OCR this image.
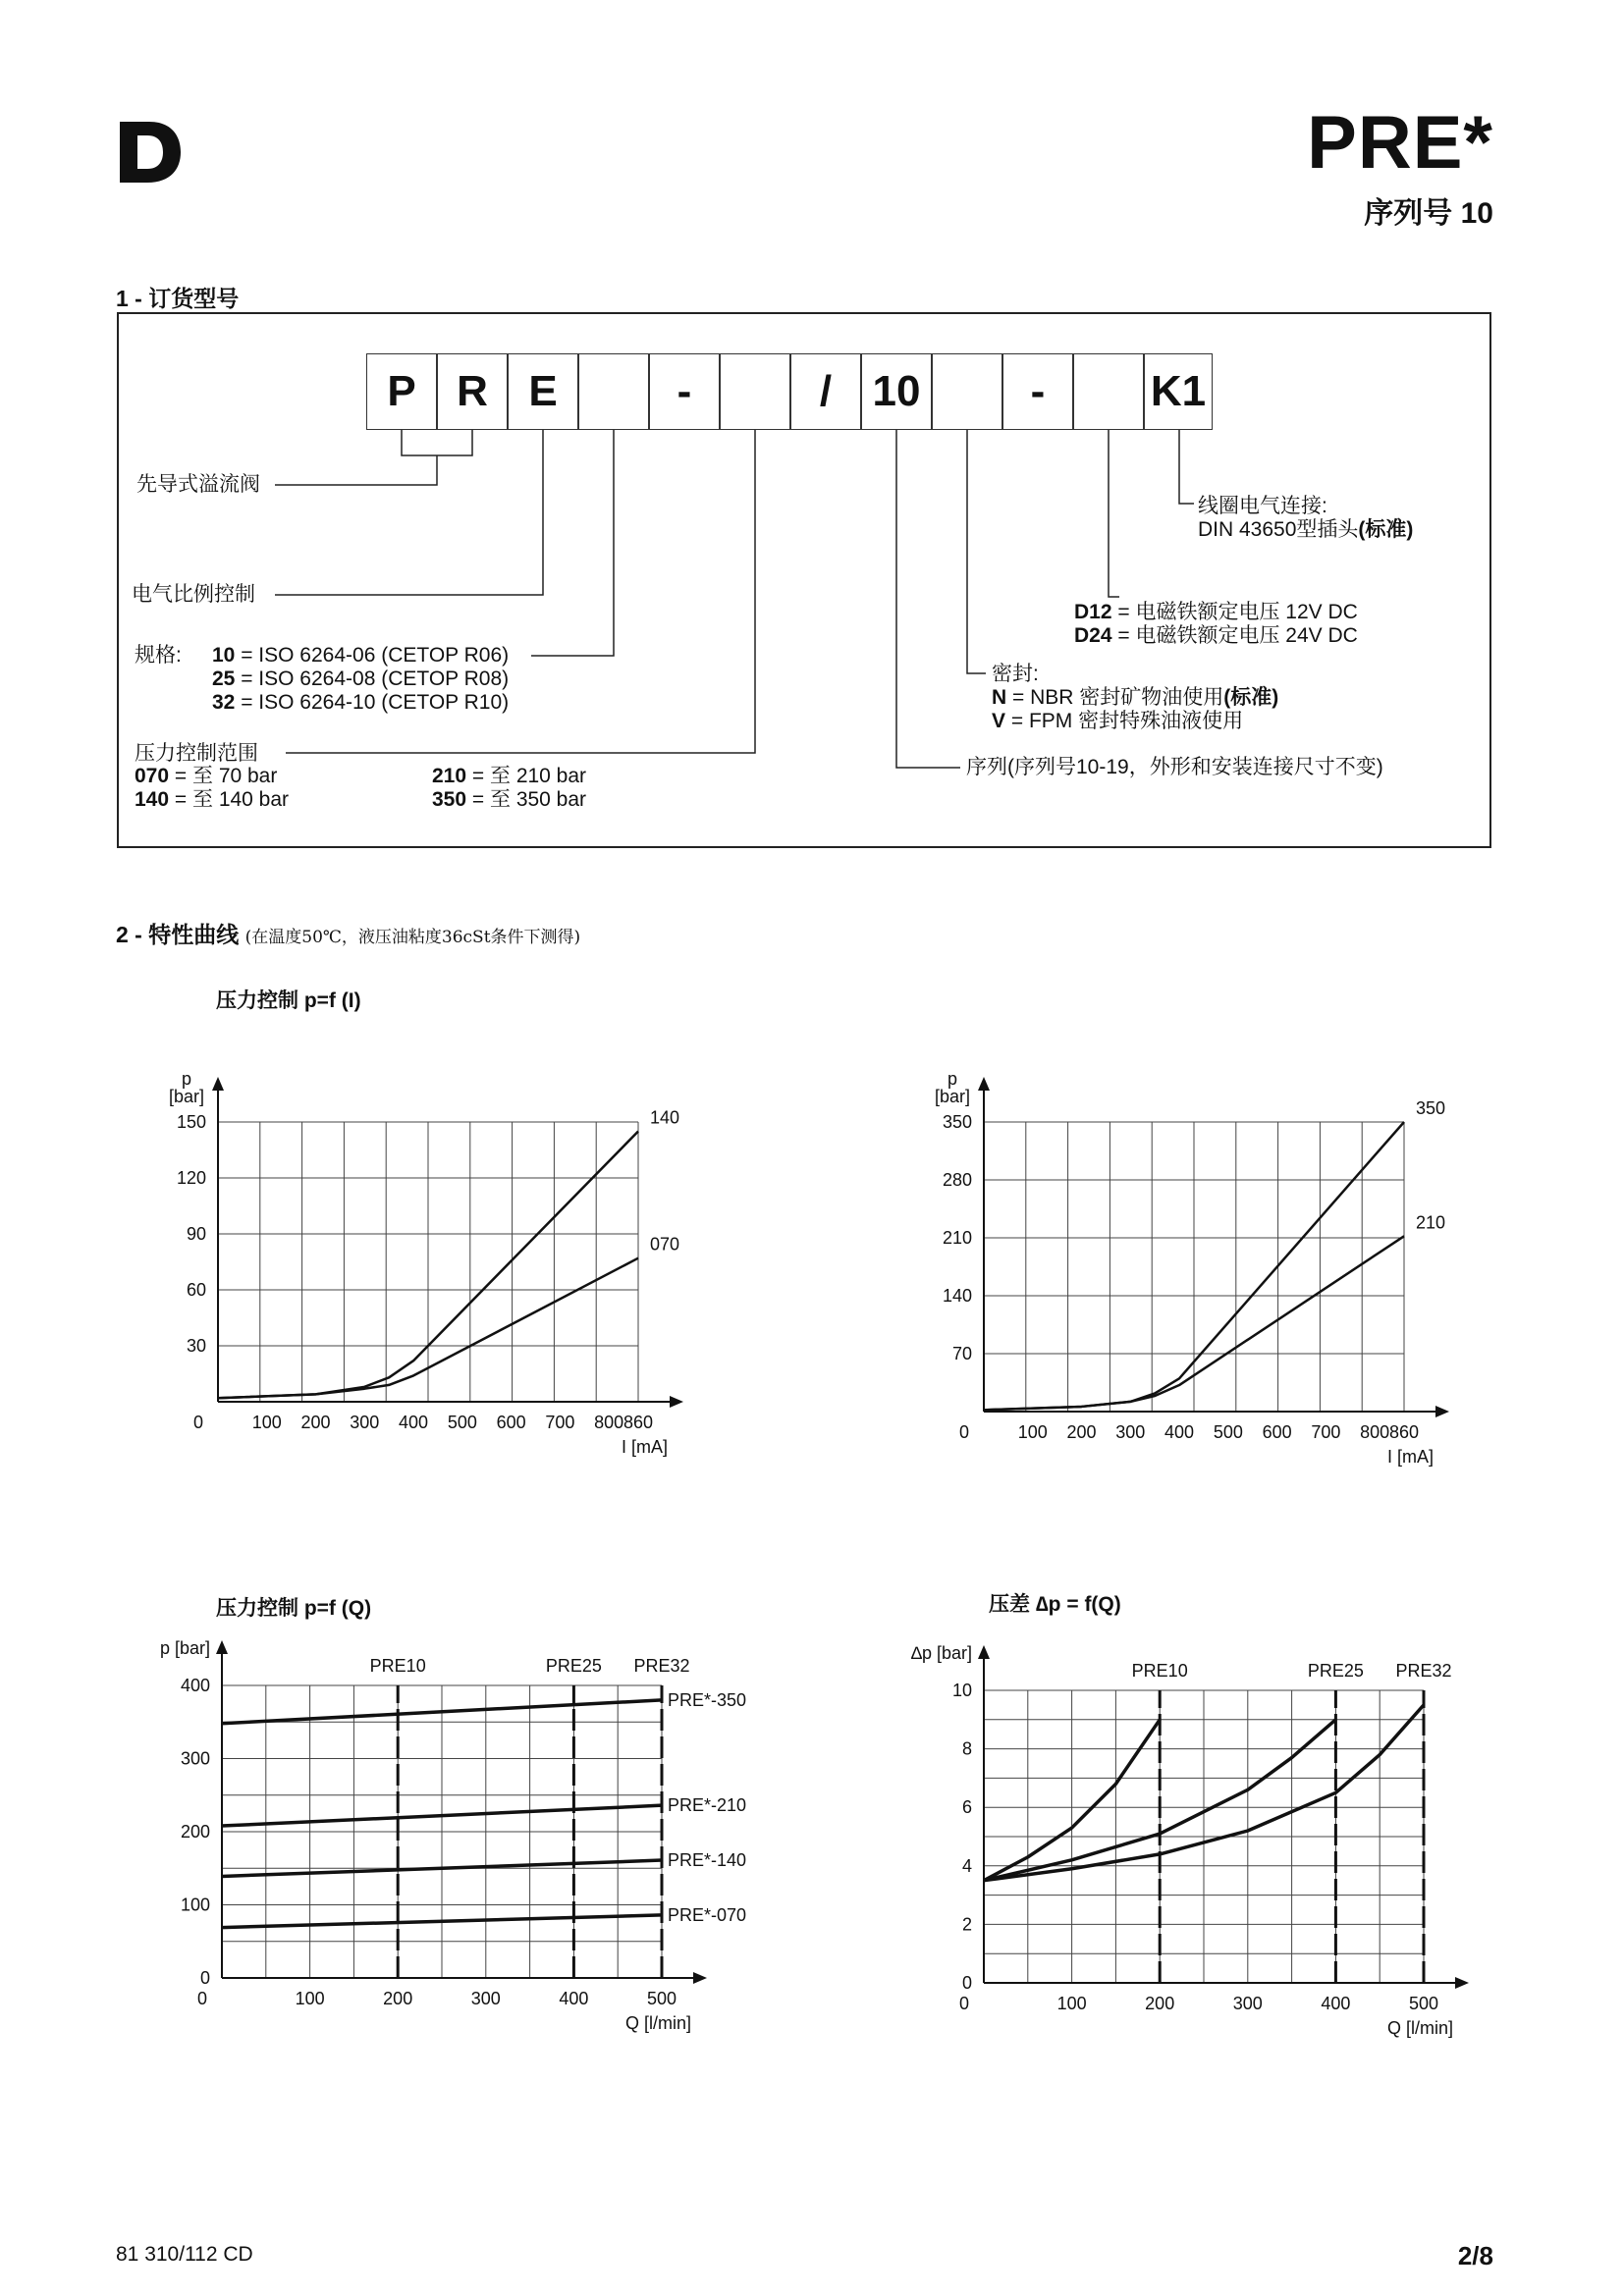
PRE*
序列号 10
1 - 订货型号
P R E	-	/ 10	-	K1
先导式溢流阀
电气比例控制
规格: 10 = ISO 6264-06 (CETOP R06)
25 = ISO 6264-08 (CETOP R08)
32 = ISO 6264-10 (CETOP R10)
压力控制范围
070 = 至 70 bar
140 = 至 140 bar
210 = 至 210 bar
350 = 至 350 bar
线圈电气连接:
DIN 43650型插头(标准)
D12 = 电磁铁额定电压 12V DC
D24 = 电磁铁额定电压 24V DC
密封:
N = NBR 密封矿物油使用(标准)
V = FPM 密封特殊油液使用
序列(序列号10-19，外形和安装连接尺寸不变)
2 - 特性曲线 (在温度50℃，液压油粘度36cSt条件下测得)
压力控制 p=f (I)
压力控制 p=f (Q)	压差 ∆p = f(Q)
0	100 200 300 400 500 600 700 800 860
30
60
90
120
150
p
[bar]
I [mA]
140
070
0	100 200 300 400 500 600 700 800 860
70
140
210
280
350
p
[bar]
I [mA]
350
210
0	100	200	300	400	500
0
100
200
300
400
p [bar]
Q [l/min]
PRE10	PRE25 PRE32
PRE*-350
PRE*-210
PRE*-140
PRE*-070
0	100	200	300	400	500
0
2
4
6
8
10
∆p [bar]
Q [l/min]
PRE10	PRE25 PRE32
81 310/112 CD	2/8
